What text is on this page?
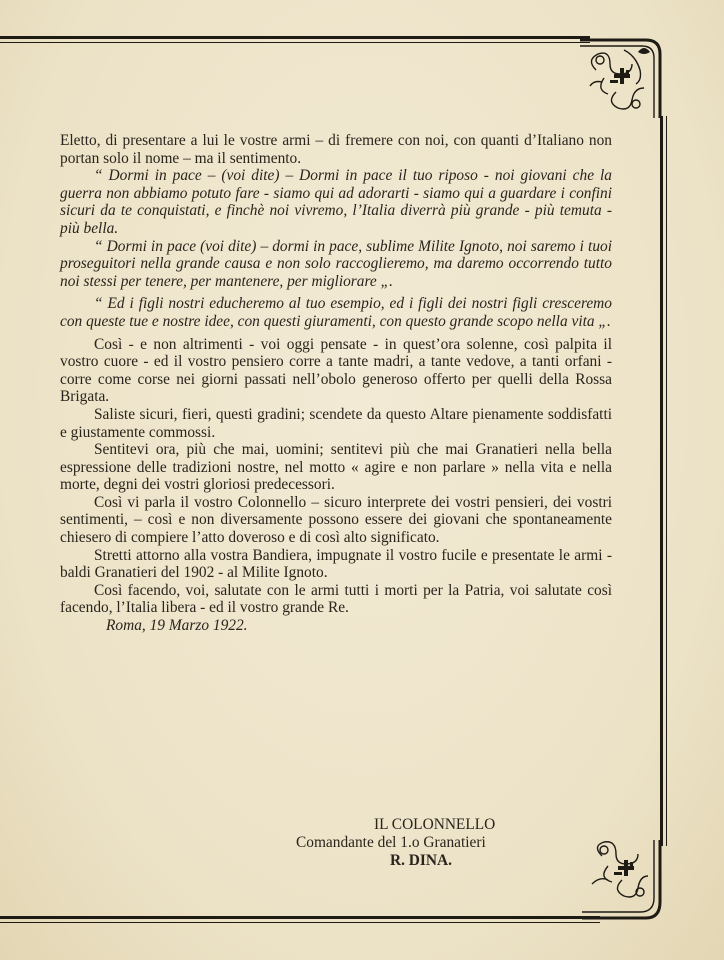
Eletto, di presentare a lui le vostre armi – di fremere con noi, con quanti d’Italiano non portan solo il nome – ma il sentimento.

“ Dormi in pace – (voi dite) – Dormi in pace il tuo riposo - noi giovani che la guerra non abbiamo potuto fare - siamo qui ad adorarti - siamo qui a guardare i confini sicuri da te conquistati, e finchè noi vivremo, l’Italia diverrà più grande - più temuta - più bella.

“ Dormi in pace (voi dite) – dormi in pace, sublime Milite Ignoto, noi saremo i tuoi proseguitori nella grande causa e non solo raccoglieremo, ma daremo occorrendo tutto noi stessi per tenere, per mantenere, per migliorare „.

“ Ed i figli nostri educheremo al tuo esempio, ed i figli dei nostri figli cresceremo con queste tue e nostre idee, con questi giuramenti, con questo grande scopo nella vita „.

Così - e non altrimenti - voi oggi pensate - in quest’ora solenne, così palpita il vostro cuore - ed il vostro pensiero corre a tante madri, a tante vedove, a tanti orfani - corre come corse nei giorni passati nell’obolo generoso offerto per quelli della Rossa Brigata.

Saliste sicuri, fieri, questi gradini; scendete da questo Altare pienamente soddisfatti e giustamente commossi.

Sentitevi ora, più che mai, uomini; sentitevi più che mai Granatieri nella bella espressione delle tradizioni nostre, nel motto « agire e non parlare » nella vita e nella morte, degni dei vostri gloriosi predecessori.

Così vi parla il vostro Colonnello – sicuro interprete dei vostri pensieri, dei vostri sentimenti, – così e non diversamente possono essere dei giovani che spontaneamente chiesero di compiere l’atto doveroso e di così alto significato.

Stretti attorno alla vostra Bandiera, impugnate il vostro fucile e presentate le armi - baldi Granatieri del 1902 - al Milite Ignoto.

Così facendo, voi, salutate con le armi tutti i morti per la Patria, voi salutate così facendo, l’Italia libera - ed il vostro grande Re.

Roma, 19 Marzo 1922.

IL COLONNELLO
Comandante del 1.o Granatieri
R. DINA.
